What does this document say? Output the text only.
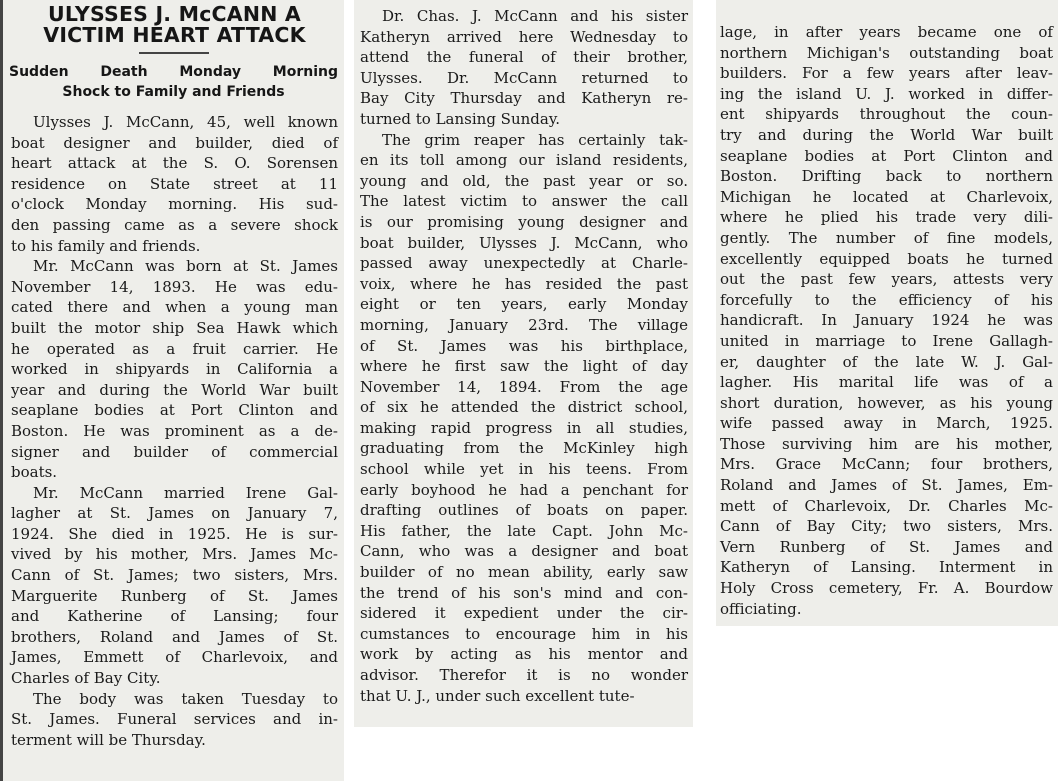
ULYSSES J. McCANN A
VICTIM HEART ATTACK
Sudden Death Monday Morning
Shock to Family and Friends
Ulysses J. McCann, 45, well known
boat designer and builder, died of
heart attack at the S. O. Sorensen
residence on State street at 11
o'clock Monday morning. His sud-
den passing came as a severe shock
to his family and friends.
Mr. McCann was born at St. James
November 14, 1893. He was edu-
cated there and when a young man
built the motor ship Sea Hawk which
he operated as a fruit carrier. He
worked in shipyards in California a
year and during the World War built
seaplane bodies at Port Clinton and
Boston. He was prominent as a de-
signer and builder of commercial
boats.
Mr. McCann married Irene Gal-
lagher at St. James on January 7,
1924. She died in 1925. He is sur-
vived by his mother, Mrs. James Mc-
Cann of St. James; two sisters, Mrs.
Marguerite Runberg of St. James
and Katherine of Lansing; four
brothers, Roland and James of St.
James, Emmett of Charlevoix, and
Charles of Bay City.
The body was taken Tuesday to
St. James. Funeral services and in-
terment will be Thursday.
Dr. Chas. J. McCann and his sister
Katheryn arrived here Wednesday to
attend the funeral of their brother,
Ulysses. Dr. McCann returned to
Bay City Thursday and Katheryn re-
turned to Lansing Sunday.
The grim reaper has certainly tak-
en its toll among our island residents,
young and old, the past year or so.
The latest victim to answer the call
is our promising young designer and
boat builder, Ulysses J. McCann, who
passed away unexpectedly at Charle-
voix, where he has resided the past
eight or ten years, early Monday
morning, January 23rd. The village
of St. James was his birthplace,
where he first saw the light of day
November 14, 1894. From the age
of six he attended the district school,
making rapid progress in all studies,
graduating from the McKinley high
school while yet in his teens. From
early boyhood he had a penchant for
drafting outlines of boats on paper.
His father, the late Capt. John Mc-
Cann, who was a designer and boat
builder of no mean ability, early saw
the trend of his son's mind and con-
sidered it expedient under the cir-
cumstances to encourage him in his
work by acting as his mentor and
advisor. Therefor it is no wonder
that U. J., under such excellent tute-
lage, in after years became one of
northern Michigan's outstanding boat
builders. For a few years after leav-
ing the island U. J. worked in differ-
ent shipyards throughout the coun-
try and during the World War built
seaplane bodies at Port Clinton and
Boston. Drifting back to northern
Michigan he located at Charlevoix,
where he plied his trade very dili-
gently. The number of fine models,
excellently equipped boats he turned
out the past few years, attests very
forcefully to the efficiency of his
handicraft. In January 1924 he was
united in marriage to Irene Gallagh-
er, daughter of the late W. J. Gal-
lagher. His marital life was of a
short duration, however, as his young
wife passed away in March, 1925.
Those surviving him are his mother,
Mrs. Grace McCann; four brothers,
Roland and James of St. James, Em-
mett of Charlevoix, Dr. Charles Mc-
Cann of Bay City; two sisters, Mrs.
Vern Runberg of St. James and
Katheryn of Lansing. Interment in
Holy Cross cemetery, Fr. A. Bourdow
officiating.
